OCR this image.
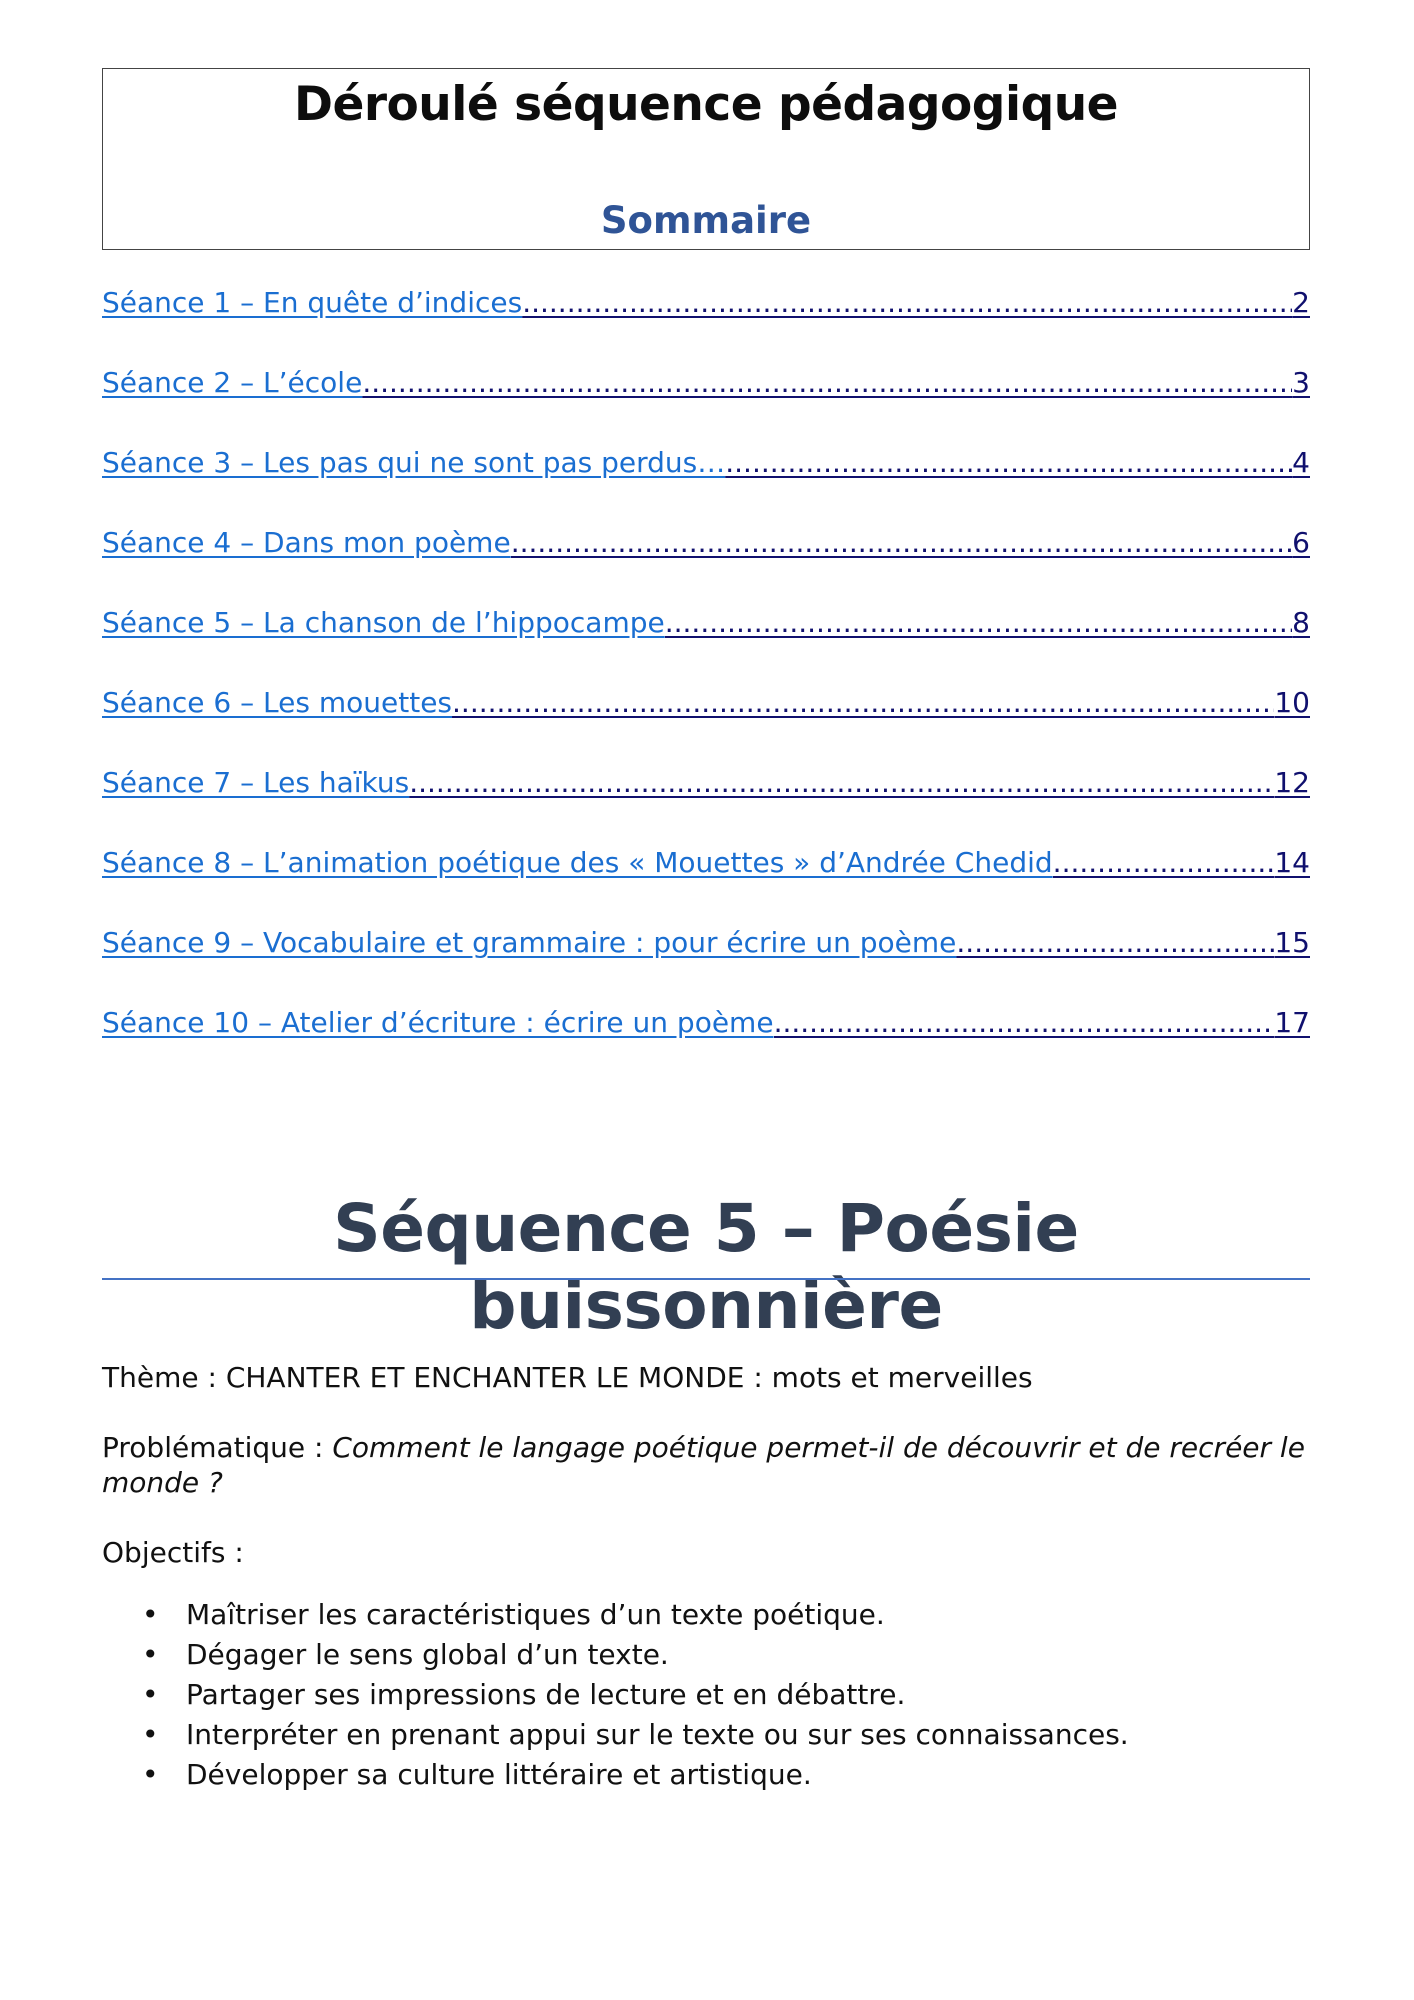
Déroulé séquence pédagogique
Sommaire
Séance 1 – En quête d’indices .....	2
Séance 2 – L’école .....	3
Séance 3 – Les pas qui ne sont pas perdus… .....	4
Séance 4 – Dans mon poème .....	6
Séance 5 – La chanson de l’hippocampe .....	8
Séance 6 – Les mouettes .....	10
Séance 7 – Les haïkus .....	12
Séance 8 – L’animation poétique des « Mouettes » d’Andrée Chedid .....	14
Séance 9 – Vocabulaire et grammaire : pour écrire un poème .....	15
Séance 10 – Atelier d’écriture : écrire un poème .....	17
Séquence 5 – Poésie buissonnière
Thème : CHANTER ET ENCHANTER LE MONDE : mots et merveilles
Problématique : Comment le langage poétique permet-il de découvrir et de recréer le monde ?
Objectifs :
• Maîtriser les caractéristiques d’un texte poétique.
• Dégager le sens global d’un texte.
• Partager ses impressions de lecture et en débattre.
• Interpréter en prenant appui sur le texte ou sur ses connaissances.
• Développer sa culture littéraire et artistique.
